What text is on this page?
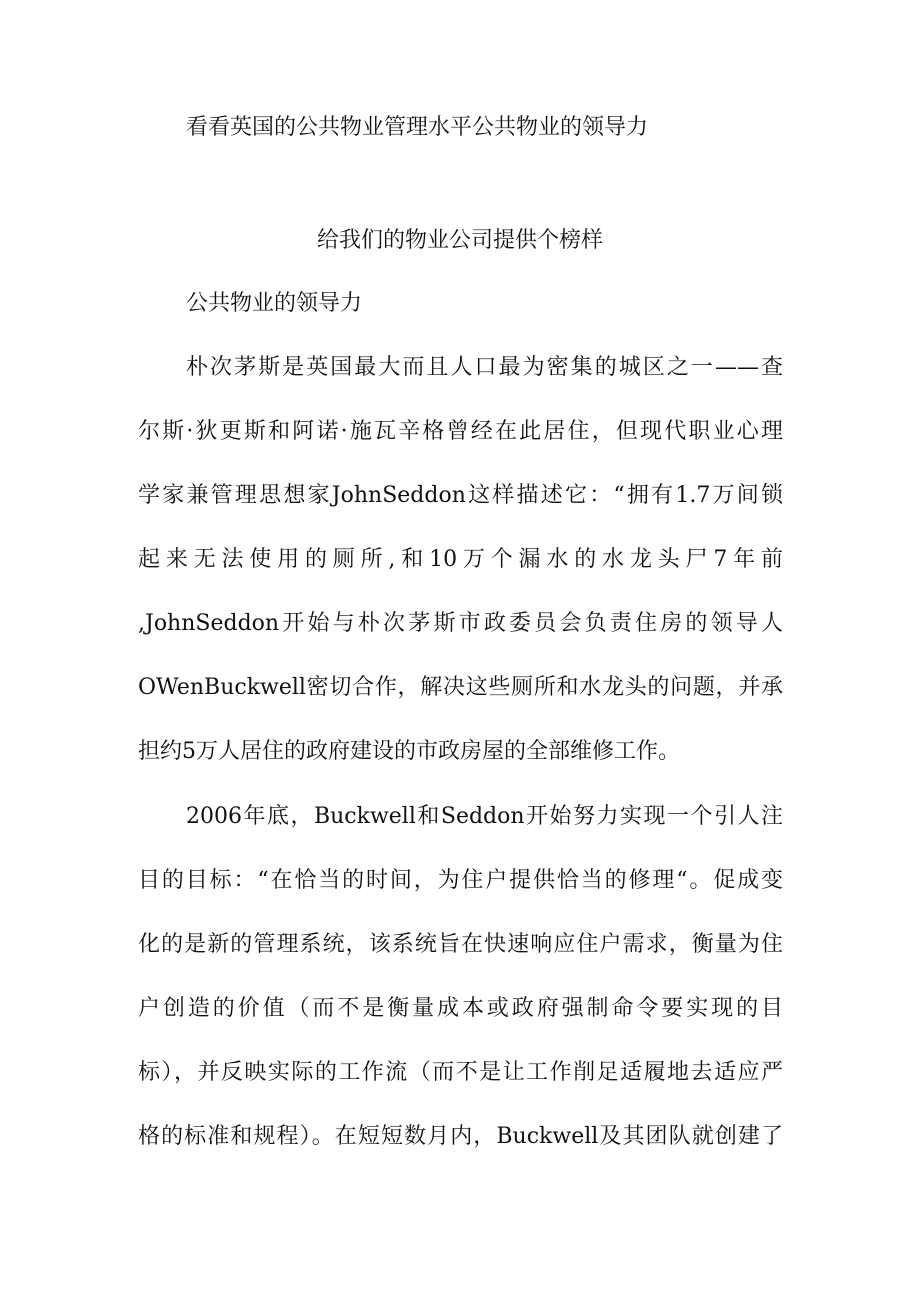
看看英国的公共物业管理水平公共物业的领导力
给我们的物业公司提供个榜样
公共物业的领导力
朴次茅斯是英国最大而且人口最为密集的城区之一——查
尔斯·狄更斯和阿诺·施瓦辛格曾经在此居住，但现代职业心理
学家兼管理思想家JohnSeddon这样描述它：“拥有1.7万间锁
起来无法使用的厕所,和10万个漏水的水龙头尸7年前
,JohnSeddon开始与朴次茅斯市政委员会负责住房的领导人
OWenBuckwell密切合作，解决这些厕所和水龙头的问题，并承
担约5万人居住的政府建设的市政房屋的全部维修工作。
2006年底，Buckwell和Seddon开始努力实现一个引人注
目的目标：“在恰当的时间，为住户提供恰当的修理“。促成变
化的是新的管理系统，该系统旨在快速响应住户需求，衡量为住
户创造的价值（而不是衡量成本或政府强制命令要实现的目
标），并反映实际的工作流（而不是让工作削足适履地去适应严
格的标准和规程）。在短短数月内，Buckwell及其团队就创建了
